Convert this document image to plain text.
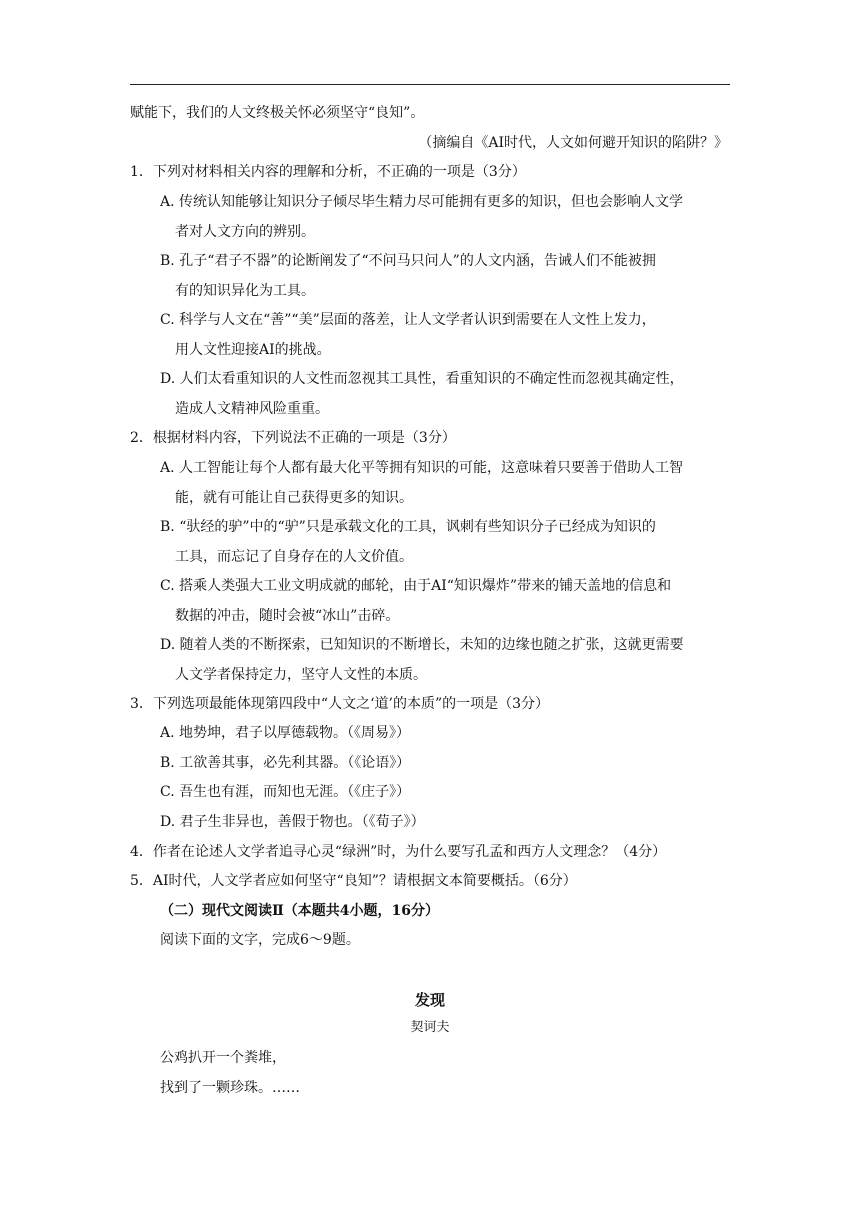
赋能下，我们的人文终极关怀必须坚守“良知”。
（摘编自《AI时代，人文如何避开知识的陷阱？》
1．下列对材料相关内容的理解和分析，不正确的一项是（3分）
A. 传统认知能够让知识分子倾尽毕生精力尽可能拥有更多的知识，但也会影响人文学
者对人文方向的辨别。
B. 孔子“君子不器”的论断阐发了“不问马只问人”的人文内涵，告诫人们不能被拥
有的知识异化为工具。
C. 科学与人文在“善”“美”层面的落差，让人文学者认识到需要在人文性上发力，
用人文性迎接AI的挑战。
D. 人们太看重知识的人文性而忽视其工具性，看重知识的不确定性而忽视其确定性，
造成人文精神风险重重。
2．根据材料内容，下列说法不正确的一项是（3分）
A. 人工智能让每个人都有最大化平等拥有知识的可能，这意味着只要善于借助人工智
能，就有可能让自己获得更多的知识。
B. “驮经的驴”中的“驴”只是承载文化的工具，讽刺有些知识分子已经成为知识的
工具，而忘记了自身存在的人文价值。
C. 搭乘人类强大工业文明成就的邮轮，由于AI“知识爆炸”带来的铺天盖地的信息和
数据的冲击，随时会被“冰山”击碎。
D. 随着人类的不断探索，已知知识的不断增长，未知的边缘也随之扩张，这就更需要
人文学者保持定力，坚守人文性的本质。
3．下列选项最能体现第四段中“人文之‘道’的本质”的一项是（3分）
A. 地势坤，君子以厚德载物。（《周易》）
B. 工欲善其事，必先利其器。（《论语》）
C. 吾生也有涯，而知也无涯。（《庄子》）
D. 君子生非异也，善假于物也。（《荀子》）
4．作者在论述人文学者追寻心灵“绿洲”时，为什么要写孔孟和西方人文理念？（4分）
5．AI时代，人文学者应如何坚守“良知”？请根据文本简要概括。（6分）
（二）现代文阅读Ⅱ（本题共4小题，16分）
阅读下面的文字，完成6～9题。
发现
契诃夫
公鸡扒开一个粪堆，
找到了一颗珍珠。……
